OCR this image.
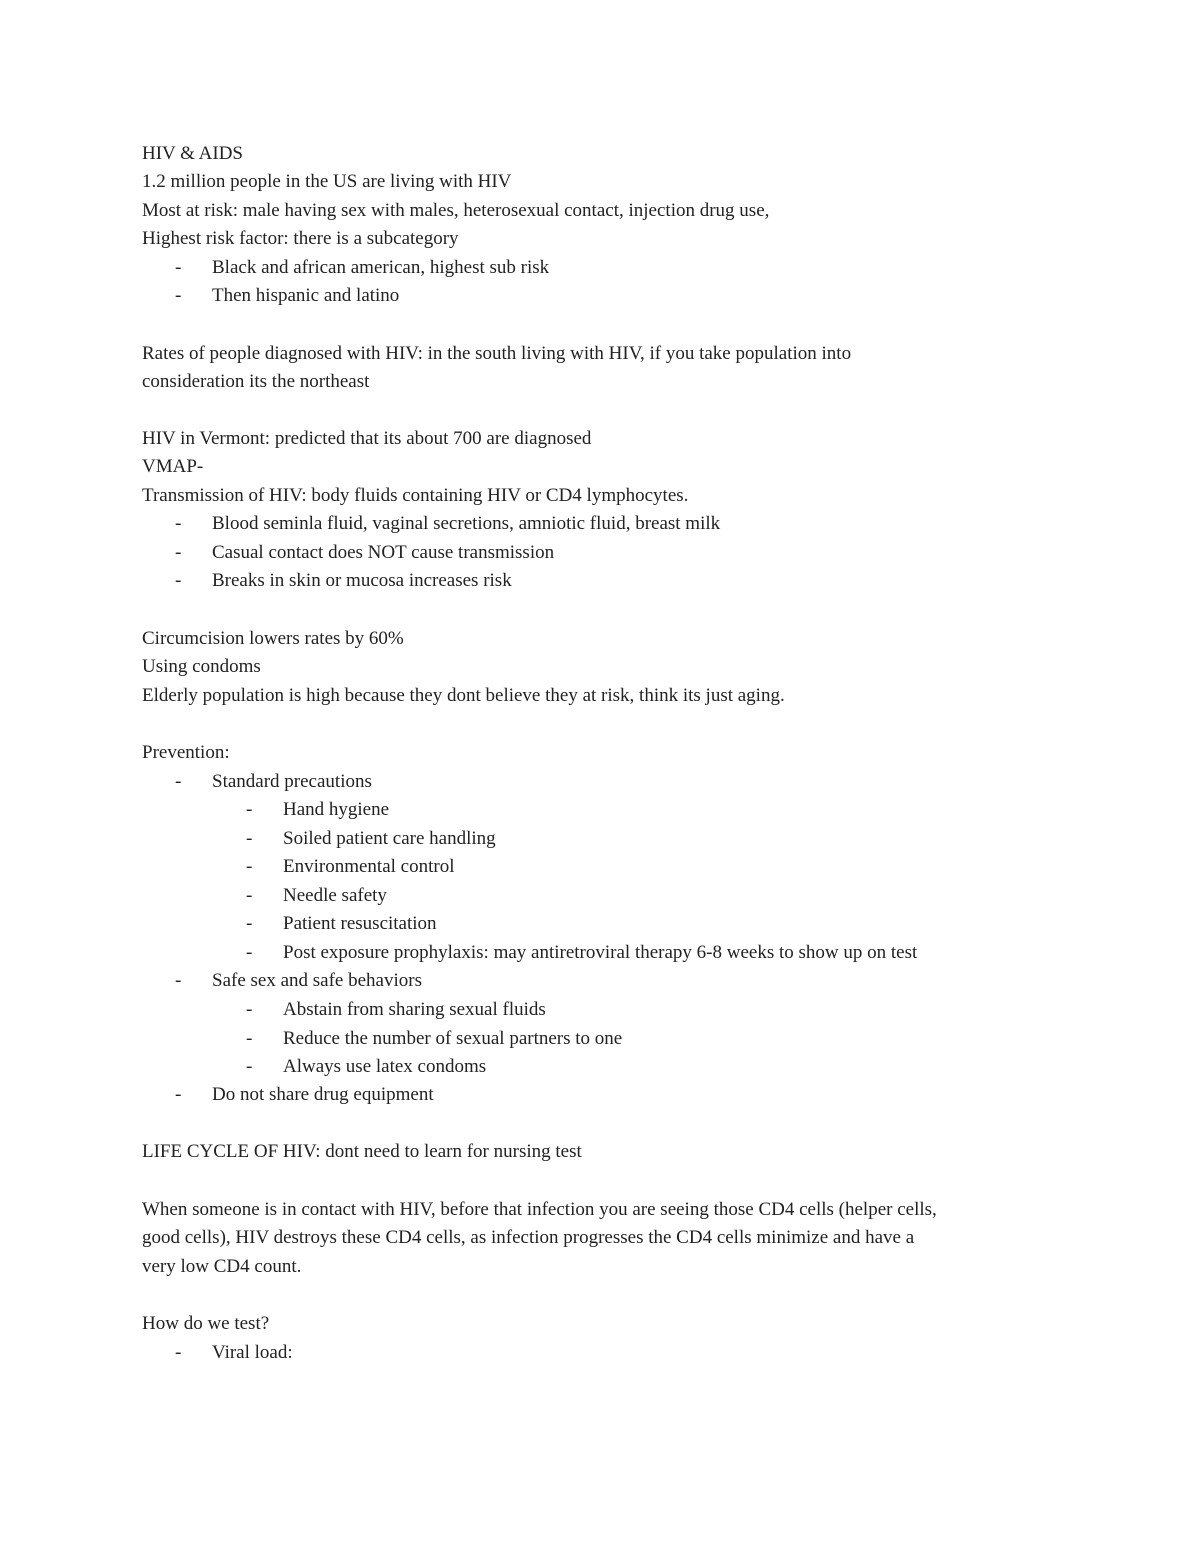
HIV & AIDS
1.2 million people in the US are living with HIV
Most at risk: male having sex with males, heterosexual contact, injection drug use,
Highest risk factor: there is a subcategory
- Black and african american, highest sub risk
- Then hispanic and latino
Rates of people diagnosed with HIV: in the south living with HIV, if you take population into
consideration its the northeast
HIV in Vermont: predicted that its about 700 are diagnosed
VMAP-
Transmission of HIV: body fluids containing HIV or CD4 lymphocytes.
- Blood seminla fluid, vaginal secretions, amniotic fluid, breast milk
- Casual contact does NOT cause transmission
- Breaks in skin or mucosa increases risk
Circumcision lowers rates by 60%
Using condoms
Elderly population is high because they dont believe they at risk, think its just aging.
Prevention:
- Standard precautions
- Hand hygiene
- Soiled patient care handling
- Environmental control
- Needle safety
- Patient resuscitation
- Post exposure prophylaxis: may antiretroviral therapy 6-8 weeks to show up on test
- Safe sex and safe behaviors
- Abstain from sharing sexual fluids
- Reduce the number of sexual partners to one
- Always use latex condoms
- Do not share drug equipment
LIFE CYCLE OF HIV: dont need to learn for nursing test
When someone is in contact with HIV, before that infection you are seeing those CD4 cells (helper cells,
good cells), HIV destroys these CD4 cells, as infection progresses the CD4 cells minimize and have a
very low CD4 count.
How do we test?
- Viral load:
